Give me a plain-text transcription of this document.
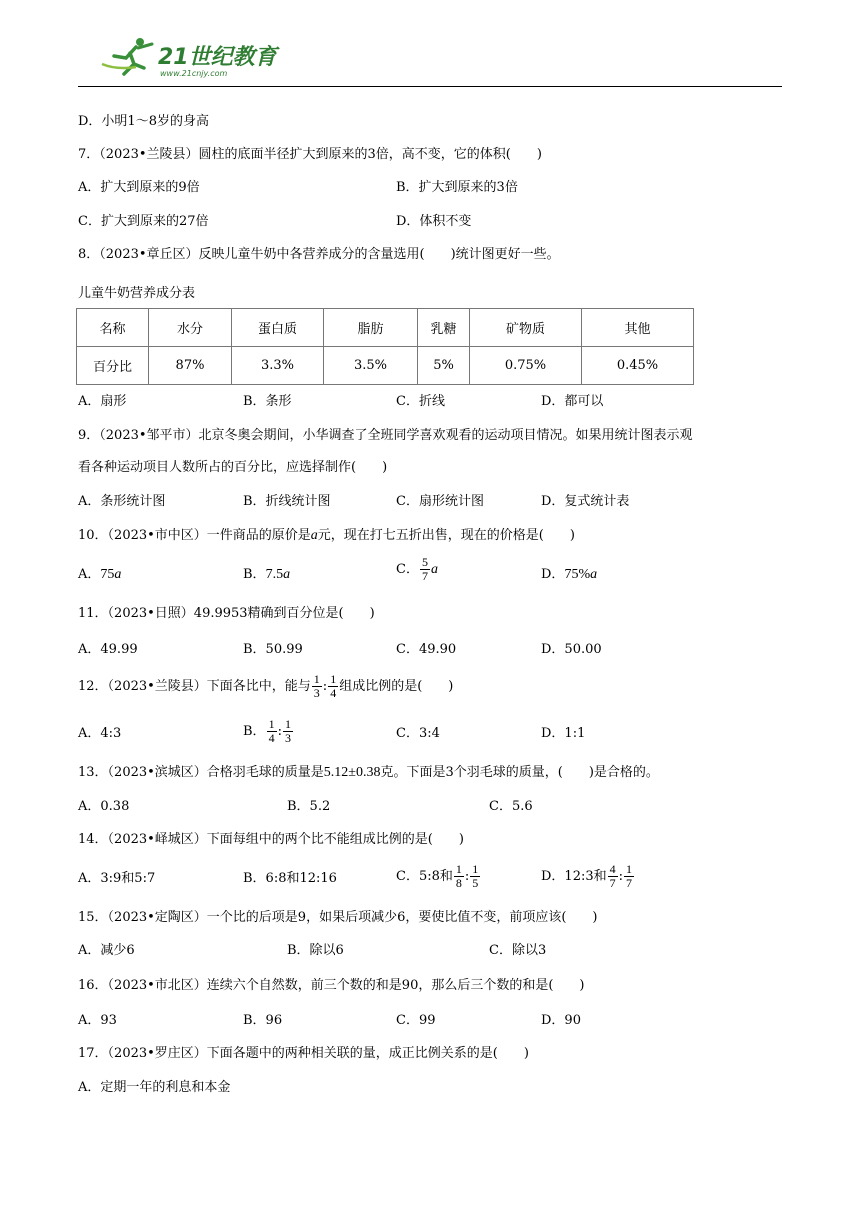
21世纪教育
www.21cnjy.com
D．小明1～8岁的身高
7．（2023•兰陵县）圆柱的底面半径扩大到原来的3倍，高不变，它的体积(　　)
A．扩大到原来的9倍	B．扩大到原来的3倍
C．扩大到原来的27倍	D．体积不变
8．（2023•章丘区）反映儿童牛奶中各营养成分的含量选用(　　)统计图更好一些。
儿童牛奶营养成分表
名称	水分	蛋白质	脂肪	乳糖	矿物质	其他
百分比	87%	3.3%	3.5%	5%	0.75%	0.45%
A．扇形	B．条形	C．折线	D．都可以
9．（2023•邹平市）北京冬奥会期间，小华调查了全班同学喜欢观看的运动项目情况。如果用统计图表示观
看各种运动项目人数所占的百分比，应选择制作(　　)
A．条形统计图	B．折线统计图	C．扇形统计图	D．复式统计表
10．（2023•市中区）一件商品的原价是a元，现在打七五折出售，现在的价格是(　　)
A．75a	B．7.5a	C． $\frac{5}{7}$ a	D．75%a
11．（2023•日照）49.9953精确到百分位是(　　)
A．49.99	B．50.99	C．49.90	D．50.00
12．（2023•兰陵县）下面各比中，能与 $\frac{1}{3}$ : $\frac{1}{4}$ 组成比例的是(　　)
A．4:3	B． $\frac{1}{4}$ : $\frac{1}{3}$	C．3:4	D．1:1
13．（2023•滨城区）合格羽毛球的质量是5.12±0.38克。下面是3个羽毛球的质量，(　　)是合格的。
A．0.38	B．5.2	C．5.6
14．（2023•峄城区）下面每组中的两个比不能组成比例的是(　　)
A．3:9和5:7	B．6:8和12:16	C．5:8和 $\frac{1}{8}$ : $\frac{1}{5}$	D．12:3和 $\frac{4}{7}$ : $\frac{1}{7}$
15．（2023•定陶区）一个比的后项是9，如果后项减少6，要使比值不变，前项应该(　　)
A．减少6	B．除以6	C．除以3
16．（2023•市北区）连续六个自然数，前三个数的和是90，那么后三个数的和是(　　)
A．93	B．96	C．99	D．90
17．（2023•罗庄区）下面各题中的两种相关联的量，成正比例关系的是(　　)
A．定期一年的利息和本金
